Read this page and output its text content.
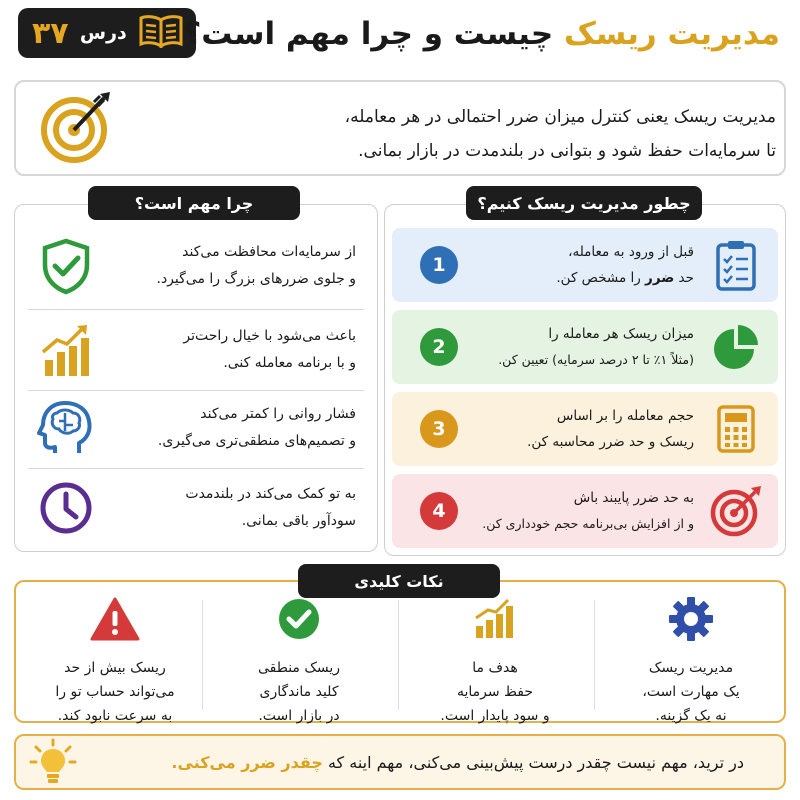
۳۷ درس	مدیریت ریسک
چیست و چرا مهم است؟
مدیریت ریسک یعنی کنترل میزان ضرر احتمالی در هر معامله،
تا سرمایه‌ات حفظ شود و بتوانی در بلندمدت در بازار بمانی.
چرا مهم است؟
از سرمایه‌ات محافظت می‌کند
و جلوی ضررهای بزرگ را می‌گیرد.
باعث می‌شود با خیال راحت‌تر
و با برنامه معامله کنی.
فشار روانی را کمتر می‌کند
و تصمیم‌های منطقی‌تری می‌گیری.
به تو کمک می‌کند در بلندمدت
سودآور باقی بمانی.
چطور مدیریت ریسک کنیم؟
قبل از ورود به معامله،
حد ضرر را مشخص کن.
1
میزان ریسک هر معامله را
(مثلاً ۱٪ تا ۲ درصد سرمایه) تعیین کن.
2
حجم معامله را بر اساس
ریسک و حد ضرر محاسبه کن.
3
به حد ضرر پایبند باش
و از افزایش بی‌برنامه حجم خودداری کن.
4
نکات کلیدی
مدیریت ریسک
یک مهارت است،
نه یک گزینه.
هدف ما
حفظ سرمایه
و سود پایدار است.
ریسک منطقی
کلید ماندگاری
در بازار است.
ریسک بیش از حد
می‌تواند حساب تو را
به سرعت نابود کند.
در ترید، مهم نیست چقدر درست پیش‌بینی می‌کنی، مهم اینه که
چقدر ضرر می‌کنی.
